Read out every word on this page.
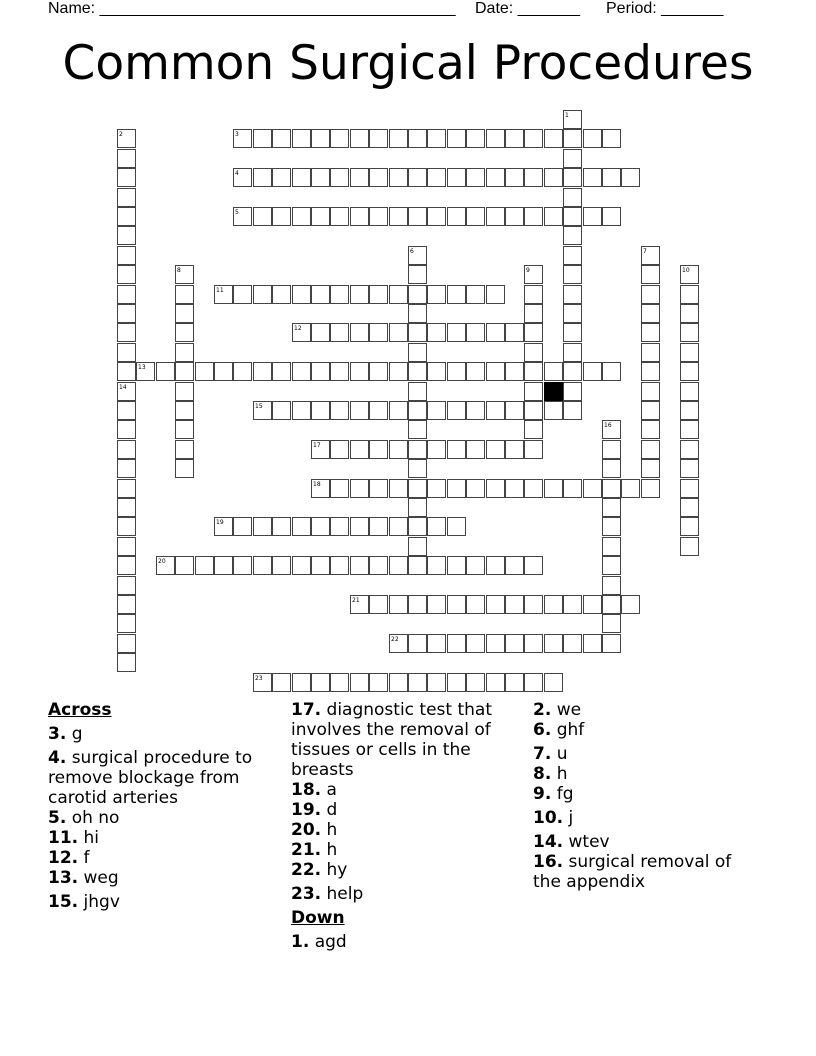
Name: ________________________________________ Date: _______ Period: _______
Common Surgical Procedures
1
2	3
4
5
6	7
8	9	10
11
12
13
14
15
16
17
18
19
20
21
22
23
Across
3. g
4. surgical procedure to remove blockage from carotid arteries
5. oh no
11. hi
12. f
13. weg
15. jhgv
17. diagnostic test that involves the removal of tissues or cells in the breasts
18. a
19. d
20. h
21. h
22. hy
23. help
Down
1. agd
2. we
6. ghf
7. u
8. h
9. fg
10. j
14. wtev
16. surgical removal of the appendix
